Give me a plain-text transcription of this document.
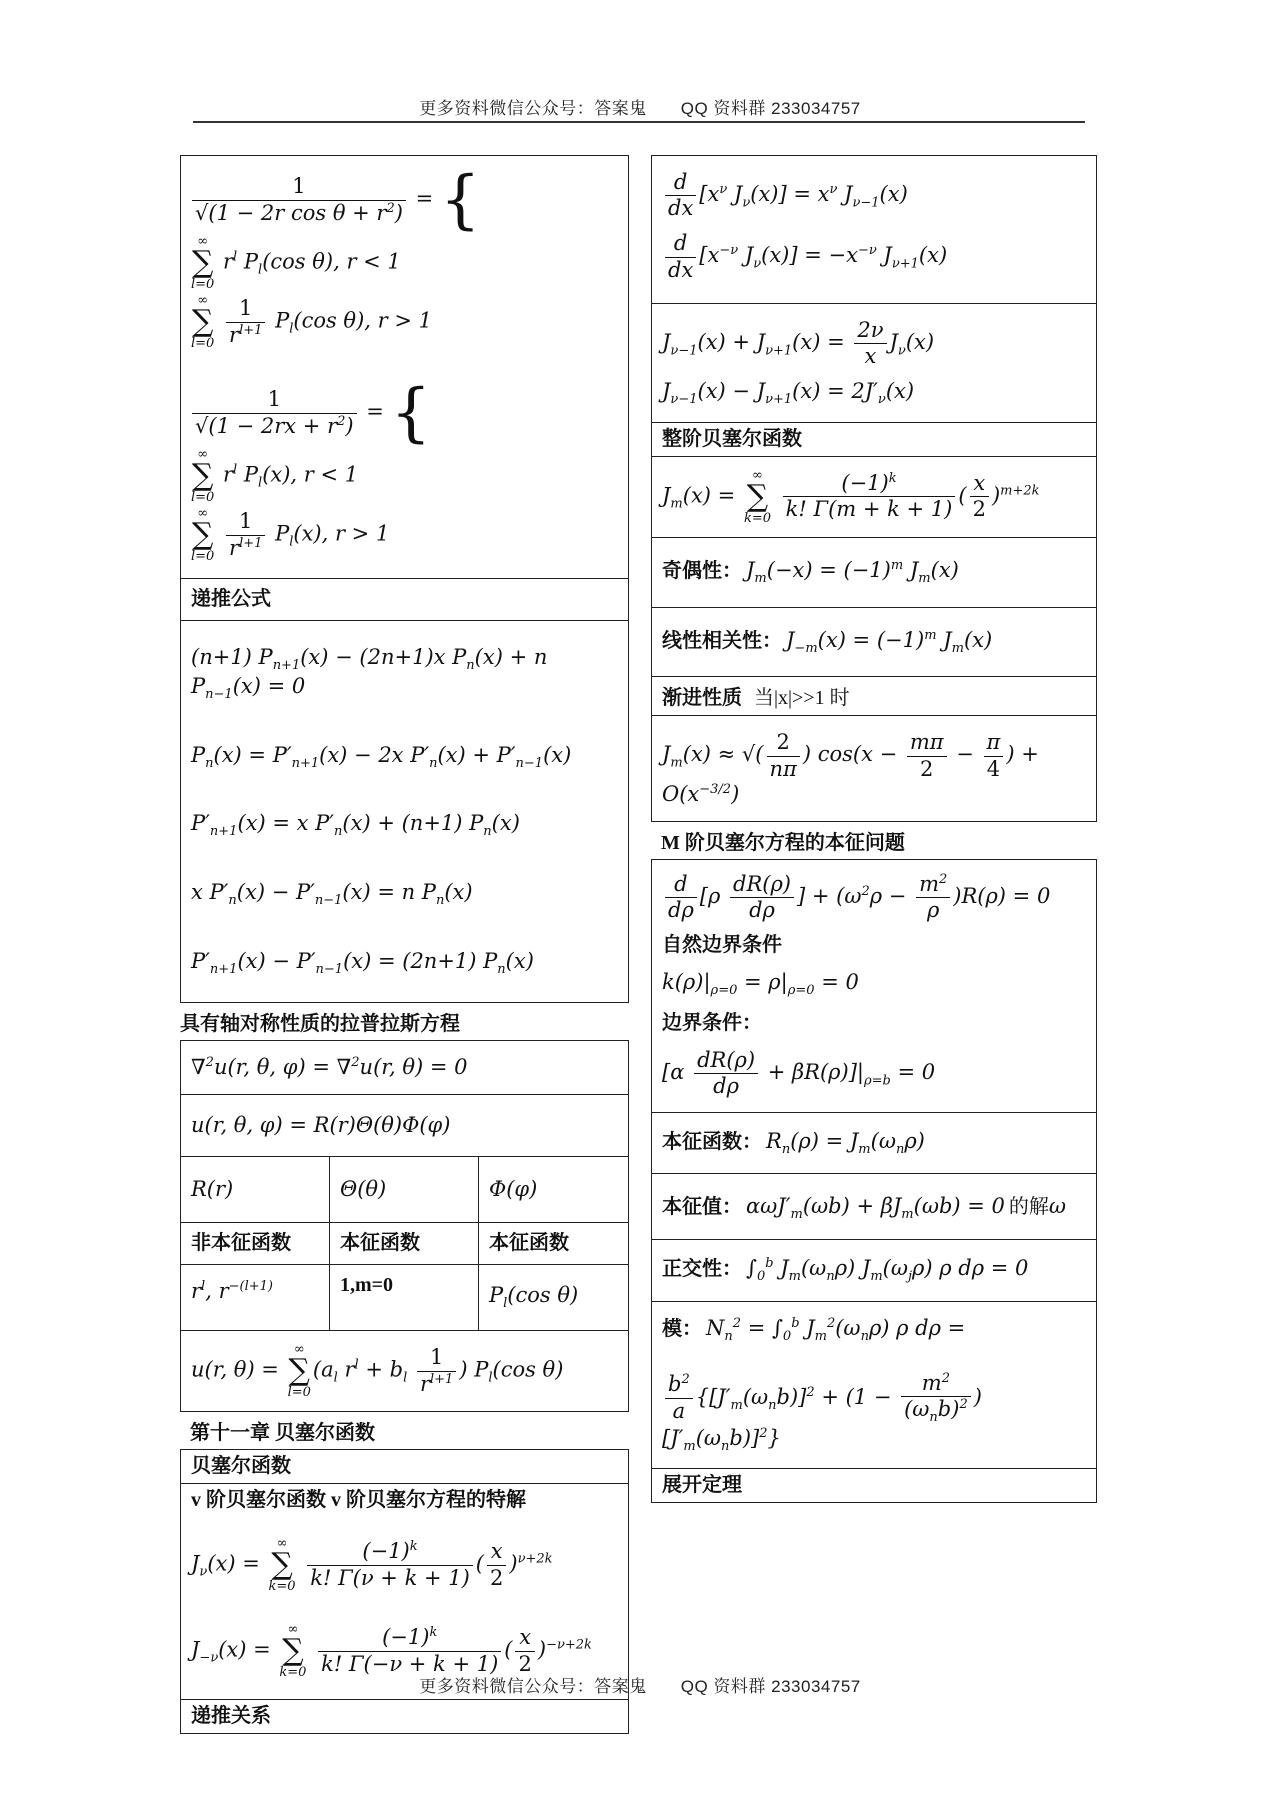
更多资料微信公众号：答案鬼 QQ 资料群 233034757
$\frac{1}{√(1 - 2r \cos \theta + r^2)}$ = {
∞
∑
l=0
$r^l$ $P_l(\cos$ θ), r < 1
∞
∑
l=0
$\frac{1}{r^{l+1}} P_l(\cos$ θ), r > 1
$\frac{1}{√(1 - 2rx + r^2)}$ = {
∞
∑
l=0
$r^l$ $P_l(x)$, r < 1
∞
∑
l=0
$\frac{1}{r^{l+1}} P_l(x)$, r > 1
递推公式
(n+1) $P_{n+1}(x) - (2n+1)x$ $P_n(x) + n$ $P_{n-1}(x) = 0$
$P_n(x) = P'_{n+1}(x) - 2x$ $P'_n(x) + P'_{n-1}(x)$
$P'_{n+1}(x) = x$ $P'_n(x) + (n+1)$ $P_n(x)$
x $P'_n(x) - P'_{n-1}(x) = n$ $P_n(x)$
$P'_{n+1}(x) - P'_{n-1}(x) = (2n+1)$ $P_n(x)$
具有轴对称性质的拉普拉斯方程
∇$^2$u(r, θ, φ) = ∇$^2$u(r, θ) = 0
u(r, θ, φ) = R(r)Θ(θ)Φ(φ)
R(r)	Θ(θ)	Φ(φ)
非本征函数	本征函数	本征函数
$r^l$, $r^{-(l+1)}$	1,m=0	$P_l(\cos$ θ)
u(r, θ) =
∞
∑
l=0
($a_l$ $r^l + b_l \frac{1}{r^{l+1}}$ ) $P_l(\cos$ θ)
第十一章 贝塞尔函数
贝塞尔函数
v 阶贝塞尔函数 v 阶贝塞尔方程的特解
$J_\nu(x)$ =
∞
∑
k=0
$\frac{(-1)^k}{k! \Gamma(\nu + k + 1)}$ ( $\frac{x}{2} )^{\nu+2k}$
$J_{-\nu}(x)$ =
∞
∑
k=0
$\frac{(-1)^k}{k! \Gamma(-\nu + k + 1)}$ ( $\frac{x}{2} )^{-\nu+2k}$
递推关系
$\frac{d}{dx} [x^\nu$ $J_\nu(x)] = x^\nu$ $J_{\nu-1}(x)$
$\frac{d}{dx} [x^{-\nu}$ $J_\nu(x)] = -x^{-\nu}$ $J_{\nu+1}(x)$
$J_{\nu-1}(x) + J_{\nu+1}(x) = \frac{2\nu}{x} J_\nu(x)$
$J_{\nu-1}(x) - J_{\nu+1}(x) = 2J'_\nu(x)$
整阶贝塞尔函数
$J_m(x)$ =
∞
∑
k=0
$\frac{(-1)^k}{k! \Gamma(m + k + 1)}$ ( $\frac{x}{2} )^{m+2k}$
奇偶性： $J_m(-x) = (-1)^m$ $J_m(x)$
线性相关性： $J_{-m}(x) = (-1)^m$ $J_m(x)$
渐进性质 当|x|>>1 时
$J_m(x)$ ≈ √( $\frac{2}{n\pi}$ ) $\cos(x - \frac{m\pi}{2} - \frac{\pi}{4}$ ) + $O(x^{-3/2})$
M 阶贝塞尔方程的本征问题
$\frac{d}{d\rho} [\rho \frac{dR(\rho)}{d\rho}$ ] + $(\omega^2\rho - \frac{m^2}{\rho} )R(\rho) = 0$
自然边界条件
$k(\rho)|_{\rho=0} = \rho|_{\rho=0} = 0$
边界条件：
$[\alpha \frac{dR(\rho)}{d\rho} + \beta R(\rho)]|_{\rho=b} = 0$
本征函数： $R_n(\rho) = J_m(\omega_n\rho)$
本征值： $\alpha\omega J'_m(\omega b) + \beta J_m(\omega b) = 0$ 的解ω
正交性： $\int_0^b$ $J_m(\omega_n\rho)$ $J_m(\omega_j\rho)$ ρ dρ = 0
模： $N_n^2 = \int_0^b$ $J_m^2(\omega_n\rho)$ ρ dρ =
$\frac{b^2}{a} \{[J'_m(\omega_nb)]^2 + (1 - \frac{m^2}{(\omega_nb)^2} )[J'_m(\omega_nb)]^2\}$
展开定理
更多资料微信公众号：答案鬼 QQ 资料群 233034757
